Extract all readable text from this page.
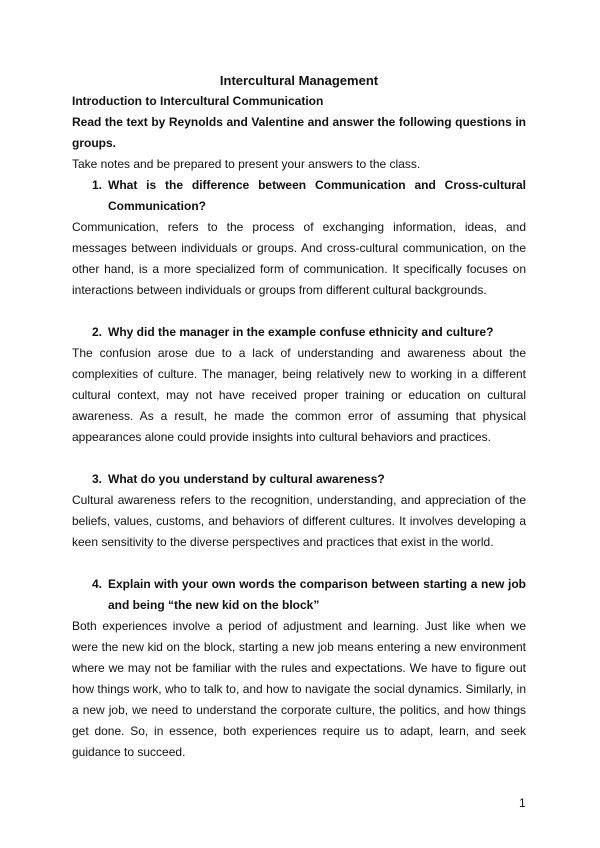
Intercultural Management

Introduction to Intercultural Communication

Read the text by Reynolds and Valentine and answer the following questions in groups.

Take notes and be prepared to present your answers to the class.

1. What is the difference between Communication and Cross-cultural Communication?

Communication, refers to the process of exchanging information, ideas, and messages between individuals or groups. And cross-cultural communication, on the other hand, is a more specialized form of communication. It specifically focuses on interactions between individuals or groups from different cultural backgrounds.

2. Why did the manager in the example confuse ethnicity and culture?

The confusion arose due to a lack of understanding and awareness about the complexities of culture. The manager, being relatively new to working in a different cultural context, may not have received proper training or education on cultural awareness. As a result, he made the common error of assuming that physical appearances alone could provide insights into cultural behaviors and practices.

3. What do you understand by cultural awareness?

Cultural awareness refers to the recognition, understanding, and appreciation of the beliefs, values, customs, and behaviors of different cultures. It involves developing a keen sensitivity to the diverse perspectives and practices that exist in the world.

4. Explain with your own words the comparison between starting a new job and being “the new kid on the block”

Both experiences involve a period of adjustment and learning. Just like when we were the new kid on the block, starting a new job means entering a new environment where we may not be familiar with the rules and expectations. We have to figure out how things work, who to talk to, and how to navigate the social dynamics. Similarly, in a new job, we need to understand the corporate culture, the politics, and how things get done. So, in essence, both experiences require us to adapt, learn, and seek guidance to succeed.

1
